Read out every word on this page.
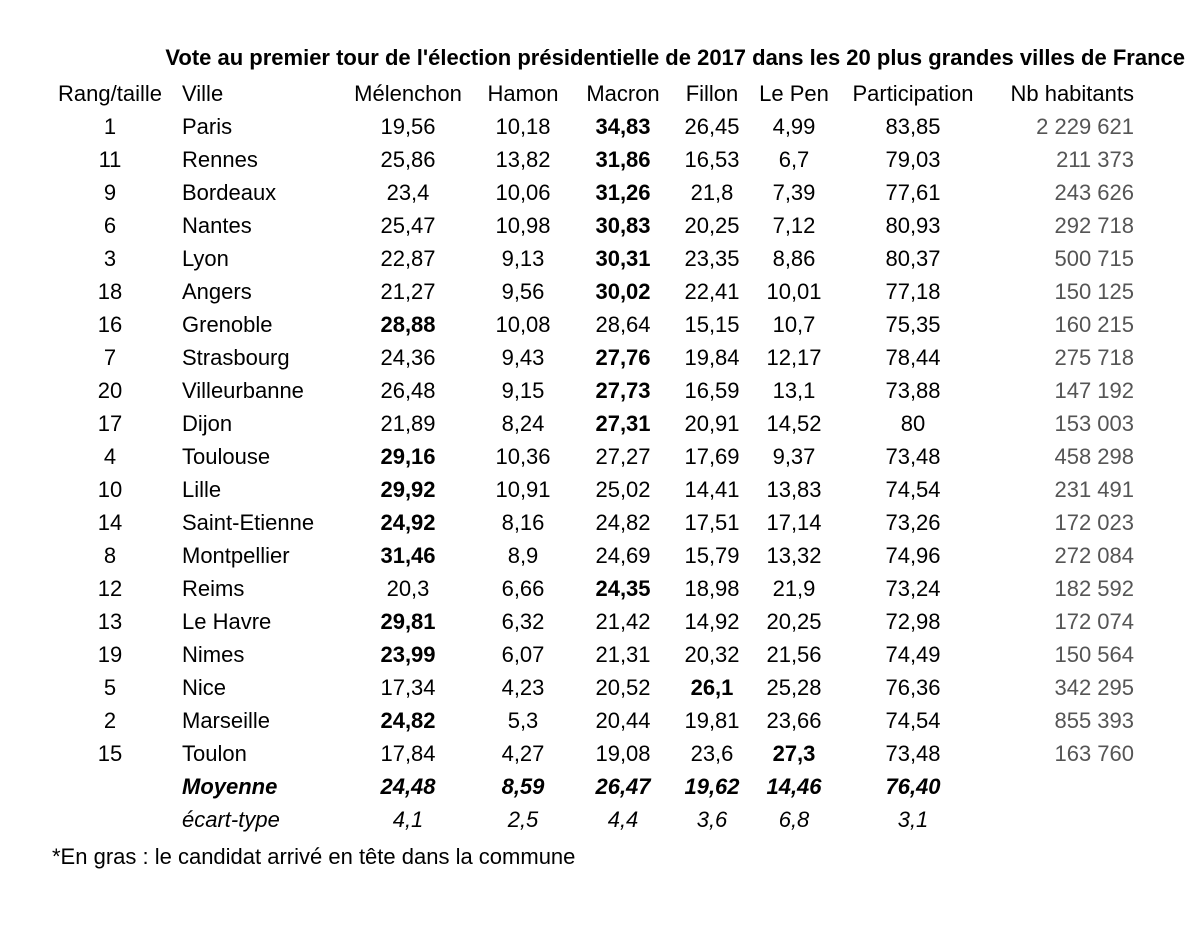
Vote au premier tour de l'élection présidentielle de 2017 dans les 20 plus grandes villes de France
Rang/taille	Ville	Mélenchon	Hamon	Macron	Fillon	Le Pen	Participation	Nb habitants
1	Paris	19,56	10,18	34,83	26,45	4,99	83,85	2 229 621
11	Rennes	25,86	13,82	31,86	16,53	6,7	79,03	211 373
9	Bordeaux	23,4	10,06	31,26	21,8	7,39	77,61	243 626
6	Nantes	25,47	10,98	30,83	20,25	7,12	80,93	292 718
3	Lyon	22,87	9,13	30,31	23,35	8,86	80,37	500 715
18	Angers	21,27	9,56	30,02	22,41	10,01	77,18	150 125
16	Grenoble	28,88	10,08	28,64	15,15	10,7	75,35	160 215
7	Strasbourg	24,36	9,43	27,76	19,84	12,17	78,44	275 718
20	Villeurbanne	26,48	9,15	27,73	16,59	13,1	73,88	147 192
17	Dijon	21,89	8,24	27,31	20,91	14,52	80	153 003
4	Toulouse	29,16	10,36	27,27	17,69	9,37	73,48	458 298
10	Lille	29,92	10,91	25,02	14,41	13,83	74,54	231 491
14	Saint-Etienne	24,92	8,16	24,82	17,51	17,14	73,26	172 023
8	Montpellier	31,46	8,9	24,69	15,79	13,32	74,96	272 084
12	Reims	20,3	6,66	24,35	18,98	21,9	73,24	182 592
13	Le Havre	29,81	6,32	21,42	14,92	20,25	72,98	172 074
19	Nimes	23,99	6,07	21,31	20,32	21,56	74,49	150 564
5	Nice	17,34	4,23	20,52	26,1	25,28	76,36	342 295
2	Marseille	24,82	5,3	20,44	19,81	23,66	74,54	855 393
15	Toulon	17,84	4,27	19,08	23,6	27,3	73,48	163 760
	Moyenne	24,48	8,59	26,47	19,62	14,46	76,40	
	écart-type	4,1	2,5	4,4	3,6	6,8	3,1	
*En gras : le candidat arrivé en tête dans la commune
